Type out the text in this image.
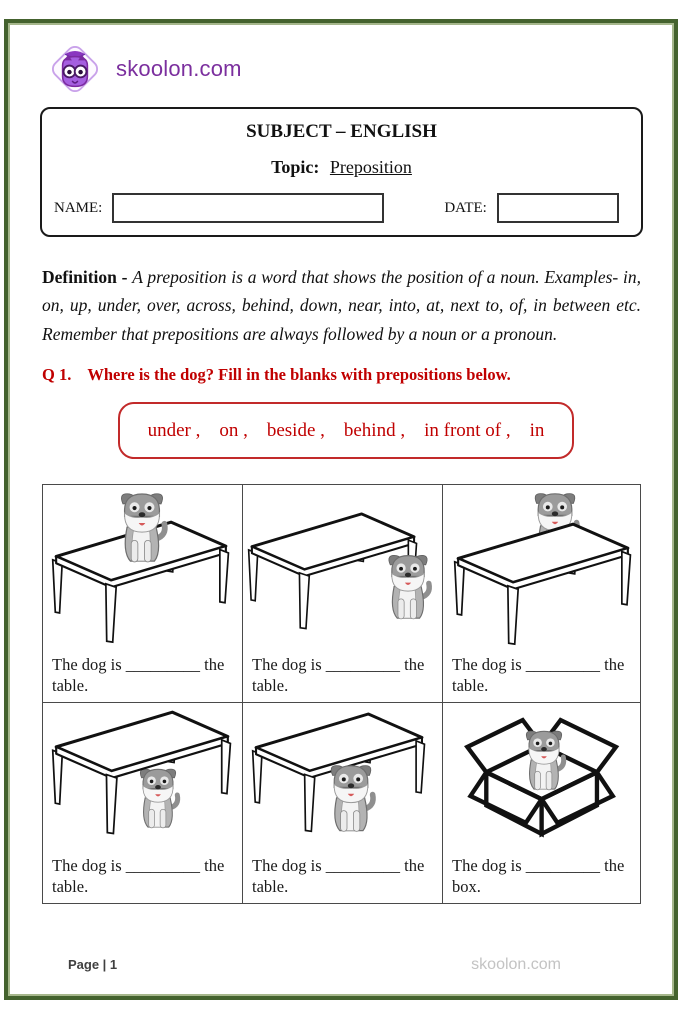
skoolon.com
SUBJECT – ENGLISH
Topic: Preposition
NAME:	DATE:

Definition - A preposition is a word that shows the position of a noun. Examples- in, on, up, under, over, across, behind, down, near, into, at, next to, of, in between etc. Remember that prepositions are always followed by a noun or a pronoun.

Q 1. Where is the dog? Fill in the blanks with prepositions below.
under ,    on ,    beside ,    behind ,    in front of ,    in
The dog is _________ the table.
The dog is _________ the table.
The dog is _________ the table.
The dog is _________ the table.
The dog is _________ the table.
The dog is _________ the box.
Page | 1	skoolon.com
